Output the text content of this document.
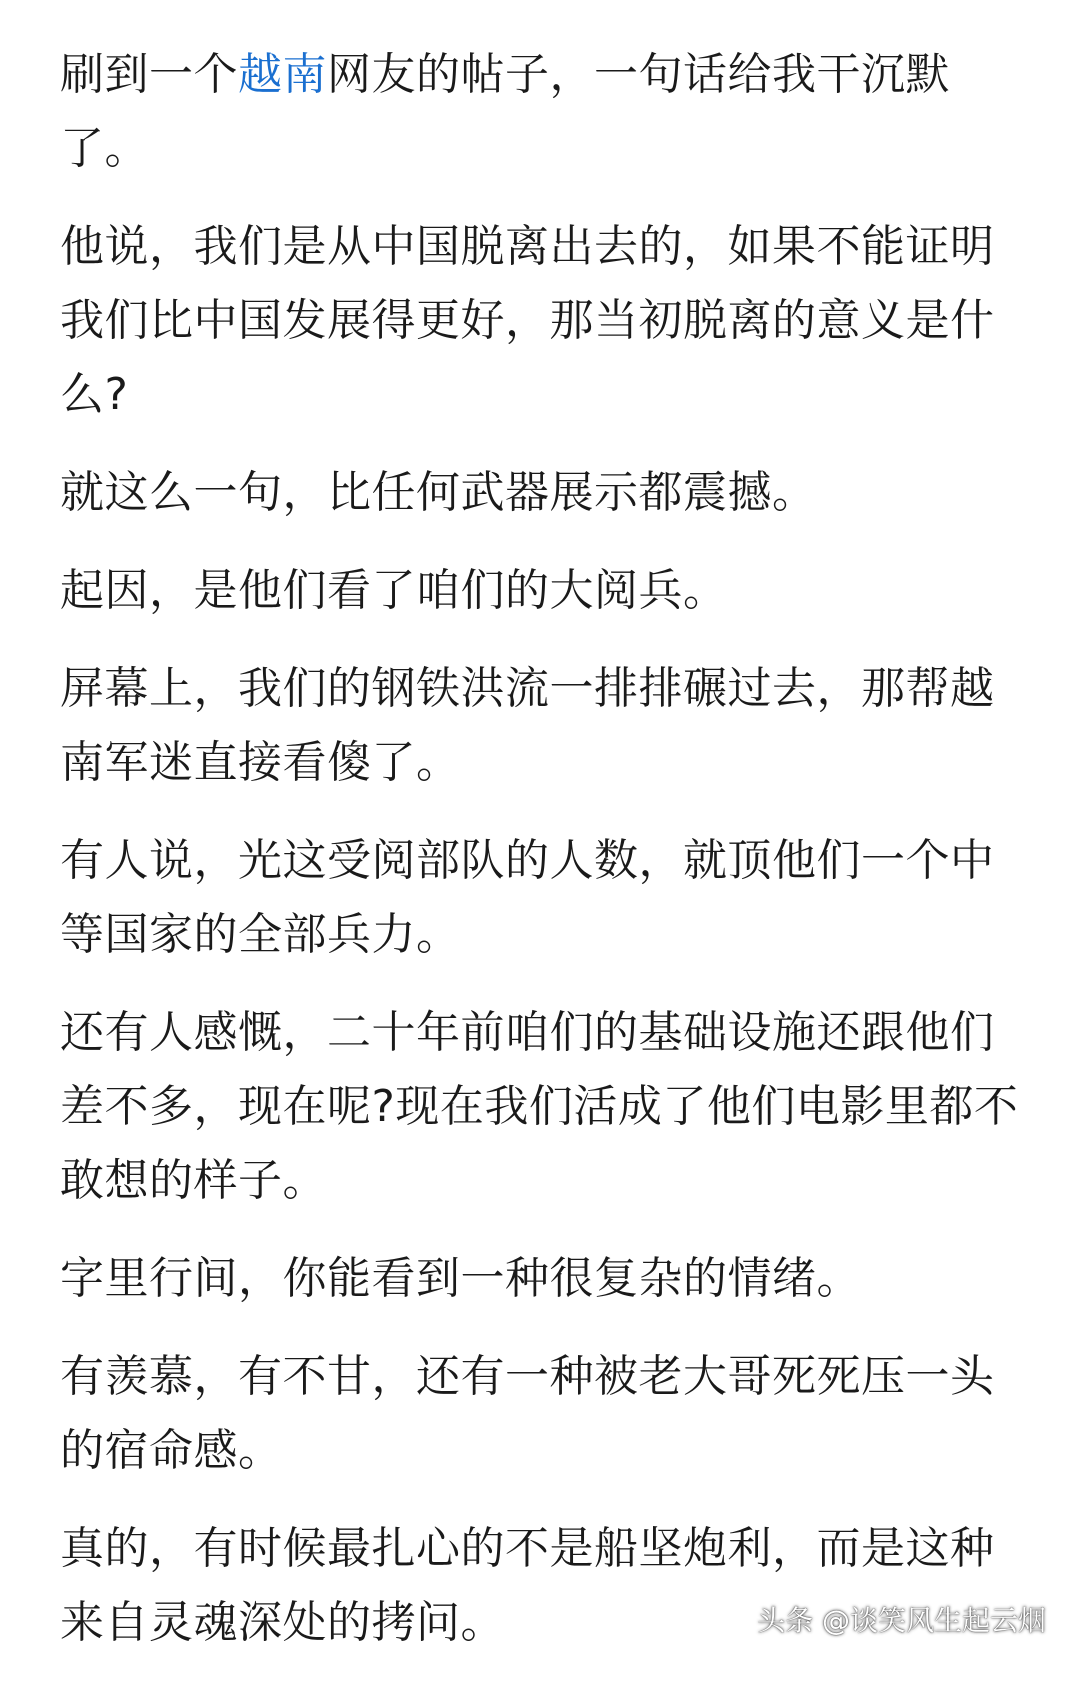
刷到一个越南网友的帖子，一句话给我干沉默了。

他说，我们是从中国脱离出去的，如果不能证明我们比中国发展得更好，那当初脱离的意义是什么?

就这么一句，比任何武器展示都震撼。

起因，是他们看了咱们的大阅兵。

屏幕上，我们的钢铁洪流一排排碾过去，那帮越南军迷直接看傻了。

有人说，光这受阅部队的人数，就顶他们一个中等国家的全部兵力。

还有人感慨，二十年前咱们的基础设施还跟他们差不多，现在呢?现在我们活成了他们电影里都不敢想的样子。

字里行间，你能看到一种很复杂的情绪。

有羡慕，有不甘，还有一种被老大哥死死压一头的宿命感。

真的，有时候最扎心的不是船坚炮利，而是这种来自灵魂深处的拷问。	头条 @谈笑风生起云烟
